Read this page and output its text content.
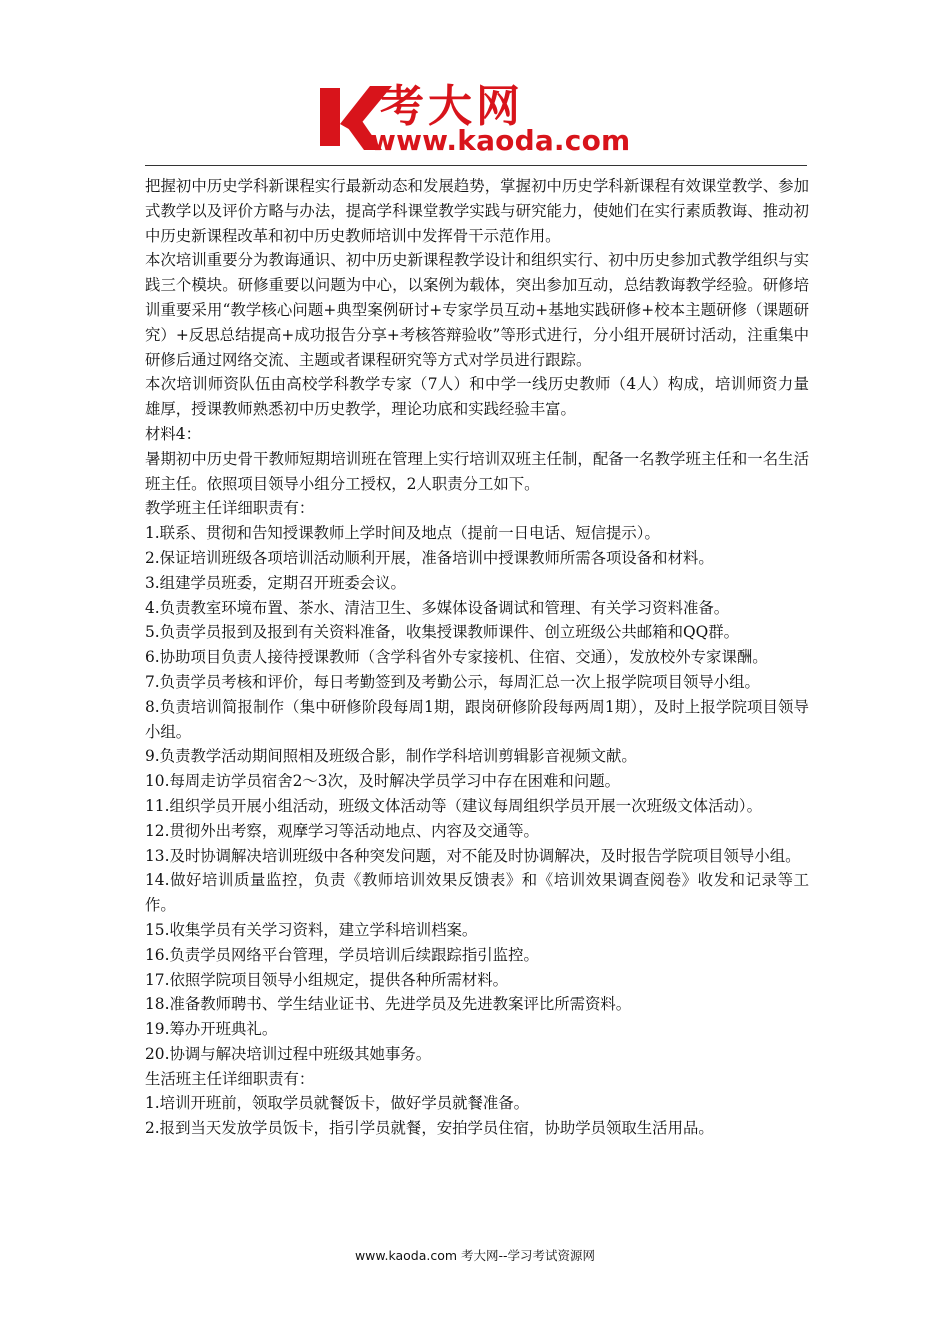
考大网
www.kaoda.com

把握初中历史学科新课程实行最新动态和发展趋势，掌握初中历史学科新课程有效课堂教学、参加式教学以及评价方略与办法，提高学科课堂教学实践与研究能力，使她们在实行素质教诲、推动初中历史新课程改革和初中历史教师培训中发挥骨干示范作用。

本次培训重要分为教诲通识、初中历史新课程教学设计和组织实行、初中历史参加式教学组织与实践三个模块。研修重要以问题为中心，以案例为载体，突出参加互动，总结教诲教学经验。研修培训重要采用“教学核心问题+典型案例研讨+专家学员互动+基地实践研修+校本主题研修（课题研究）+反思总结提高+成功报告分享+考核答辩验收”等形式进行，分小组开展研讨活动，注重集中研修后通过网络交流、主题或者课程研究等方式对学员进行跟踪。

本次培训师资队伍由高校学科教学专家（7人）和中学一线历史教师（4人）构成，培训师资力量雄厚，授课教师熟悉初中历史教学，理论功底和实践经验丰富。

材料4：

暑期初中历史骨干教师短期培训班在管理上实行培训双班主任制，配备一名教学班主任和一名生活班主任。依照项目领导小组分工授权，2人职责分工如下。

教学班主任详细职责有：

1.联系、贯彻和告知授课教师上学时间及地点（提前一日电话、短信提示）。

2.保证培训班级各项培训活动顺利开展，准备培训中授课教师所需各项设备和材料。

3.组建学员班委，定期召开班委会议。

4.负责教室环境布置、茶水、清洁卫生、多媒体设备调试和管理、有关学习资料准备。

5.负责学员报到及报到有关资料准备，收集授课教师课件、创立班级公共邮箱和QQ群。

6.协助项目负责人接待授课教师（含学科省外专家接机、住宿、交通），发放校外专家课酬。

7.负责学员考核和评价，每日考勤签到及考勤公示，每周汇总一次上报学院项目领导小组。

8.负责培训简报制作（集中研修阶段每周1期，跟岗研修阶段每两周1期），及时上报学院项目领导小组。

9.负责教学活动期间照相及班级合影，制作学科培训剪辑影音视频文献。

10.每周走访学员宿舍2～3次，及时解决学员学习中存在困难和问题。

11.组织学员开展小组活动，班级文体活动等（建议每周组织学员开展一次班级文体活动）。

12.贯彻外出考察，观摩学习等活动地点、内容及交通等。

13.及时协调解决培训班级中各种突发问题，对不能及时协调解决，及时报告学院项目领导小组。

14.做好培训质量监控，负责《教师培训效果反馈表》和《培训效果调查阅卷》收发和记录等工作。

15.收集学员有关学习资料，建立学科培训档案。

16.负责学员网络平台管理，学员培训后续跟踪指引监控。

17.依照学院项目领导小组规定，提供各种所需材料。

18.准备教师聘书、学生结业证书、先进学员及先进教案评比所需资料。

19.筹办开班典礼。

20.协调与解决培训过程中班级其她事务。

生活班主任详细职责有：

1.培训开班前，领取学员就餐饭卡，做好学员就餐准备。

2.报到当天发放学员饭卡，指引学员就餐，安拍学员住宿，协助学员领取生活用品。

www.kaoda.com 考大网--学习考试资源网
